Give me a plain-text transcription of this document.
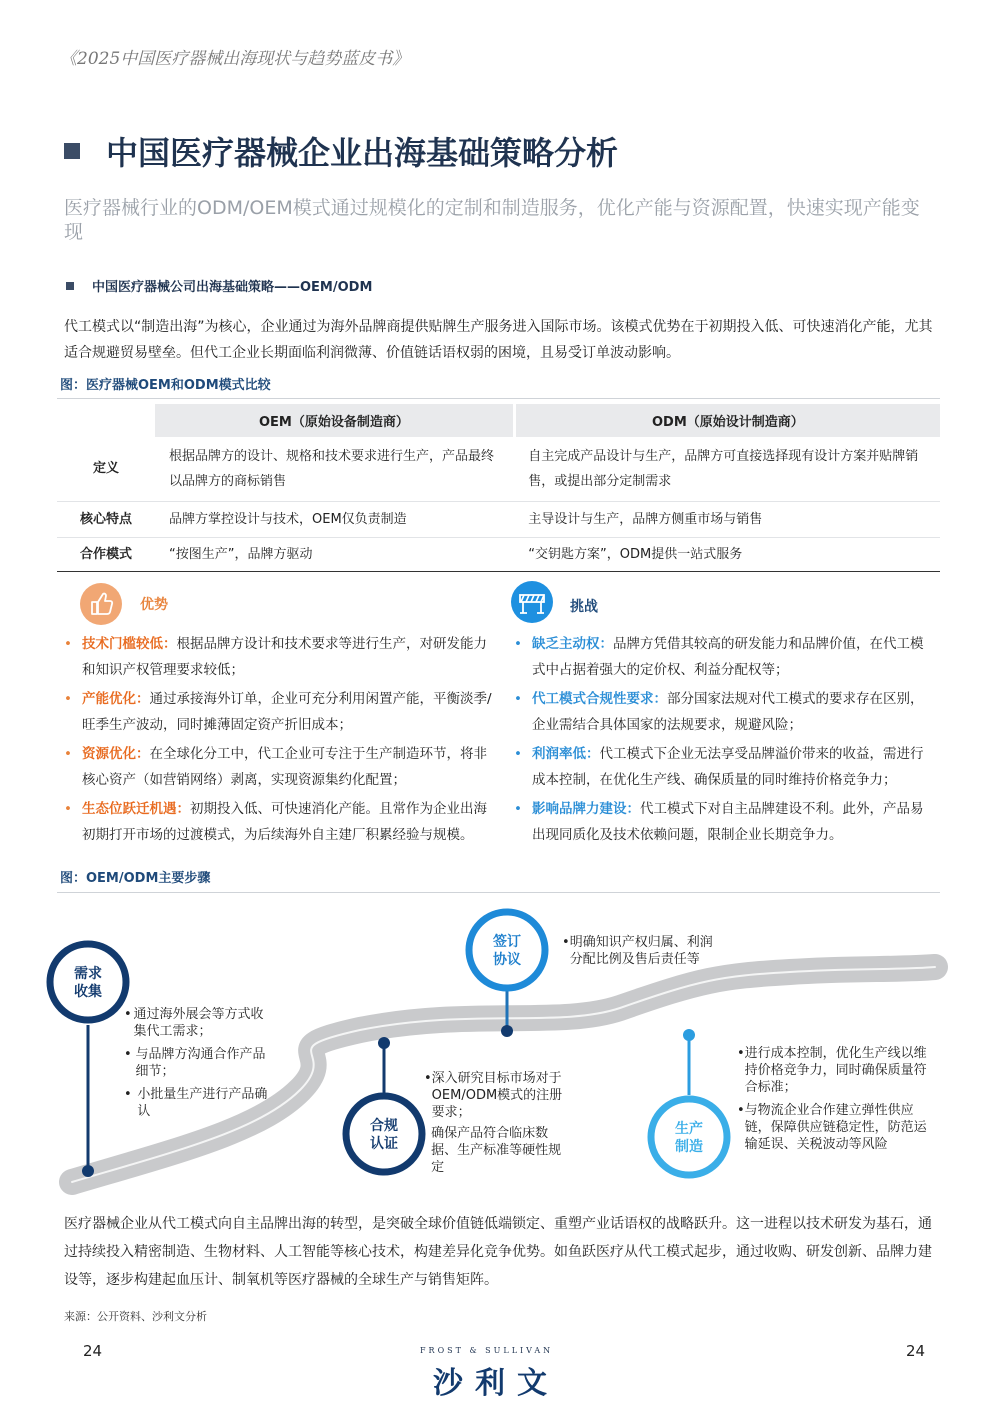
《2025中国医疗器械出海现状与趋势蓝皮书》
中国医疗器械企业出海基础策略分析
医疗器械行业的ODM/OEM模式通过规模化的定制和制造服务，优化产能与资源配置，快速实现产能变现
中国医疗器械公司出海基础策略——OEM/ODM
代工模式以“制造出海”为核心，企业通过为海外品牌商提供贴牌生产服务进入国际市场。该模式优势在于初期投入低、可快速消化产能，尤其适合规避贸易壁垒。但代工企业长期面临利润微薄、价值链话语权弱的困境，且易受订单波动影响。
图：医疗器械OEM和ODM模式比较
	OEM（原始设备制造商）	ODM（原始设计制造商）
定义	根据品牌方的设计、规格和技术要求进行生产，产品最终以品牌方的商标销售	自主完成产品设计与生产，品牌方可直接选择现有设计方案并贴牌销售，或提出部分定制需求
核心特点	品牌方掌控设计与技术，OEM仅负责制造	主导设计与生产，品牌方侧重市场与销售
合作模式	“按图生产”，品牌方驱动	“交钥匙方案”，ODM提供一站式服务
优势
• 技术门槛较低：根据品牌方设计和技术要求等进行生产，对研发能力和知识产权管理要求较低；
• 产能优化：通过承接海外订单，企业可充分利用闲置产能，平衡淡季/旺季生产波动，同时摊薄固定资产折旧成本；
• 资源优化：在全球化分工中，代工企业可专注于生产制造环节，将非核心资产（如营销网络）剥离，实现资源集约化配置；
• 生态位跃迁机遇：初期投入低、可快速消化产能。且常作为企业出海初期打开市场的过渡模式，为后续海外自主建厂积累经验与规模。
挑战
• 缺乏主动权：品牌方凭借其较高的研发能力和品牌价值，在代工模式中占据着强大的定价权、利益分配权等；
• 代工模式合规性要求：部分国家法规对代工模式的要求存在区别，企业需结合具体国家的法规要求，规避风险；
• 利润率低：代工模式下企业无法享受品牌溢价带来的收益，需进行成本控制，在优化生产线、确保质量的同时维持价格竞争力；
• 影响品牌力建设：代工模式下对自主品牌建设不利。此外，产品易出现同质化及技术依赖问题，限制企业长期竞争力。
图：OEM/ODM主要步骤
需求
收集
合规
认证
签订
协议
生产
制造
• 通过海外展会等方式收集代工需求；
• 与品牌方沟通合作产品细节；
• 小批量生产进行产品确认
• 深入研究目标市场对于OEM/ODM模式的注册要求；
确保产品符合临床数据、生产标准等硬性规定
• 明确知识产权归属、利润分配比例及售后责任等
• 进行成本控制，优化生产线以维持价格竞争力，同时确保质量符合标准；
• 与物流企业合作建立弹性供应链，保障供应链稳定性，防范运输延误、关税波动等风险
医疗器械企业从代工模式向自主品牌出海的转型，是突破全球价值链低端锁定、重塑产业话语权的战略跃升。这一进程以技术研发为基石，通过持续投入精密制造、生物材料、人工智能等核心技术，构建差异化竞争优势。如鱼跃医疗从代工模式起步，通过收购、研发创新、品牌力建设等，逐步构建起血压计、制氧机等医疗器械的全球生产与销售矩阵。
来源：公开资料、沙利文分析
24	24
FROST & SULLIVAN
沙利文
